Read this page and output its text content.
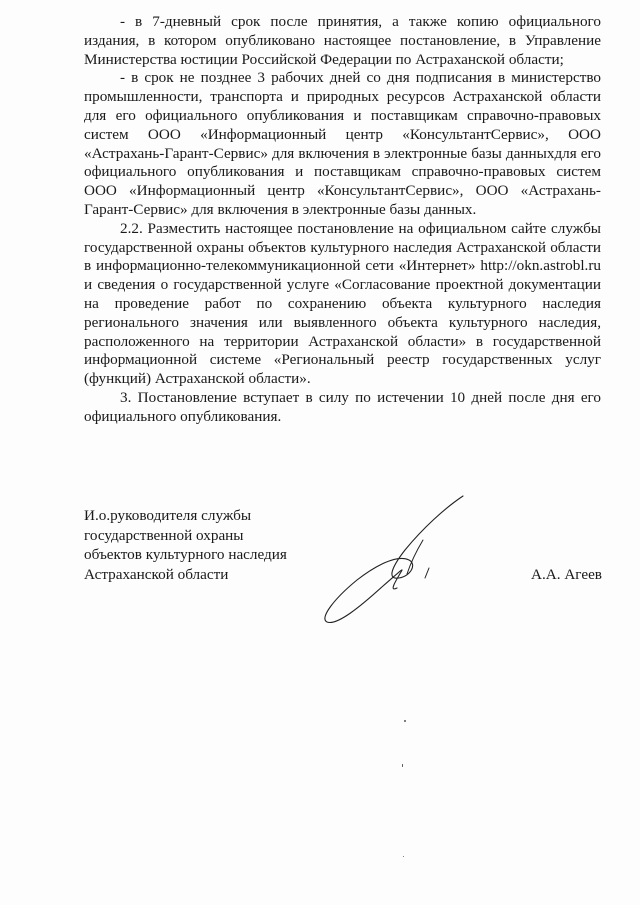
- в 7-дневный срок после принятия, а также копию официального издания, в котором опубликовано настоящее постановление, в Управление Министерства юстиции Российской Федерации по Астраханской области;

- в срок не позднее 3 рабочих дней со дня подписания в министерство промышленности, транспорта и природных ресурсов Астраханской области для его официального опубликования и поставщикам справочно-правовых систем ООО «Информационный центр «КонсультантСервис», ООО «Астрахань-Гарант-Сервис» для включения в электронные базы данныхдля его официального опубликования и поставщикам справочно-правовых систем ООО «Информационный центр «КонсультантСервис», ООО «Астрахань-Гарант-Сервис» для включения в электронные базы данных.

2.2. Разместить настоящее постановление на официальном сайте службы государственной охраны объектов культурного наследия Астраханской области в информационно-телекоммуникационной сети «Интернет» http://okn.astrobl.ru и сведения о государственной услуге «Согласование проектной документации на проведение работ по сохранению объекта культурного наследия регионального значения или выявленного объекта культурного наследия, расположенного на территории Астраханской области» в государственной информационной системе «Региональный реестр государственных услуг (функций) Астраханской области».

3. Постановление вступает в силу по истечении 10 дней после дня его официального опубликования.

И.о.руководителя службы
государственной охраны
объектов культурного наследия
Астраханской области	А.А. Агеев
